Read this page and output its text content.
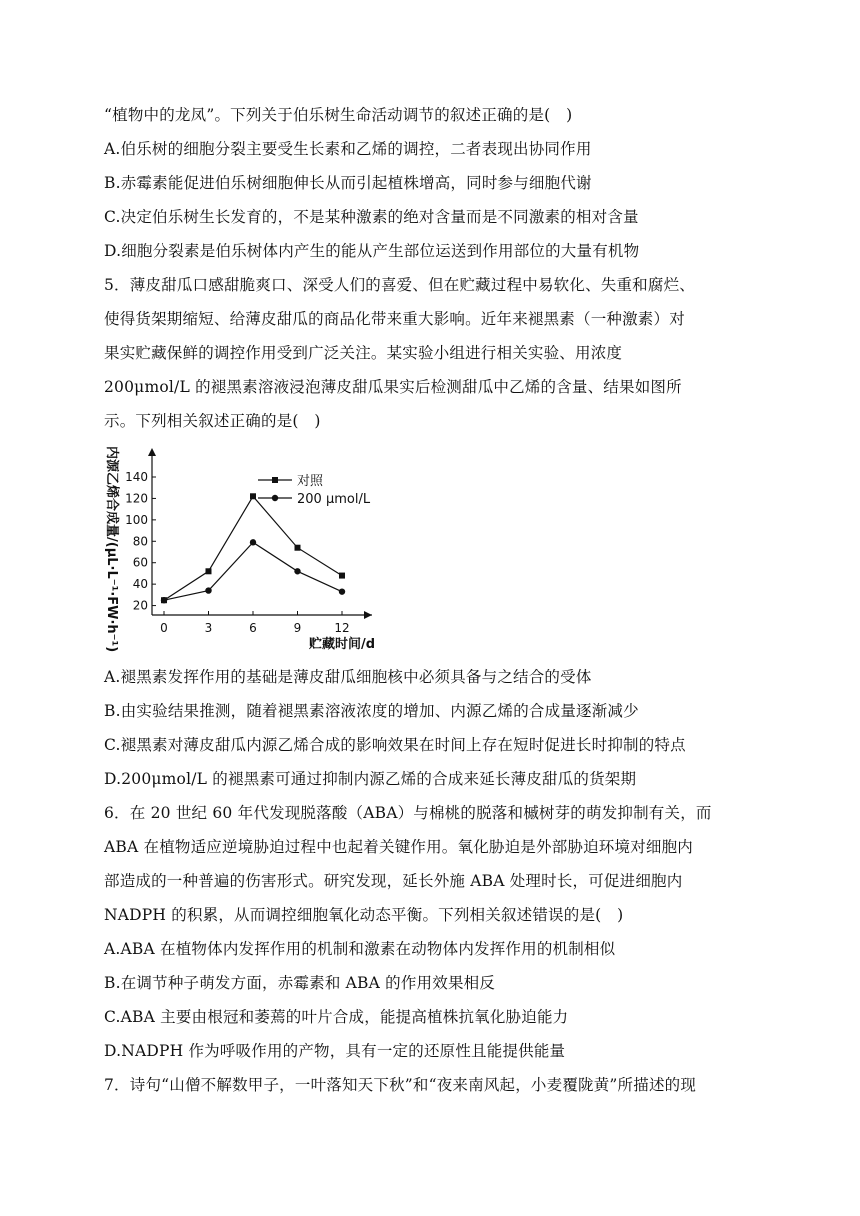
“植物中的龙凤”。下列关于伯乐树生命活动调节的叙述正确的是(　)
A.伯乐树的细胞分裂主要受生长素和乙烯的调控，二者表现出协同作用
B.赤霉素能促进伯乐树细胞伸长从而引起植株增高，同时参与细胞代谢
C.决定伯乐树生长发育的，不是某种激素的绝对含量而是不同激素的相对含量
D.细胞分裂素是伯乐树体内产生的能从产生部位运送到作用部位的大量有机物
5．薄皮甜瓜口感甜脆爽口、深受人们的喜爱、但在贮藏过程中易软化、失重和腐烂、
使得货架期缩短、给薄皮甜瓜的商品化带来重大影响。近年来褪黑素（一种激素）对
果实贮藏保鲜的调控作用受到广泛关注。某实验小组进行相关实验、用浓度
200μmol/L 的褪黑素溶液浸泡薄皮甜瓜果实后检测甜瓜中乙烯的含量、结果如图所
示。下列相关叙述正确的是(　)
内源乙烯合成量/(μL·L⁻¹·FW·h⁻¹) 20
40
60
80
100
120
140
0	3	6	9	12
对照
200 μmol/L
贮藏时间/d
A.褪黑素发挥作用的基础是薄皮甜瓜细胞核中必须具备与之结合的受体
B.由实验结果推测，随着褪黑素溶液浓度的增加、内源乙烯的合成量逐渐减少
C.褪黑素对薄皮甜瓜内源乙烯合成的影响效果在时间上存在短时促进长时抑制的特点
D.200μmol/L 的褪黑素可通过抑制内源乙烯的合成来延长薄皮甜瓜的货架期
6．在 20 世纪 60 年代发现脱落酸（ABA）与棉桃的脱落和槭树芽的萌发抑制有关，而
ABA 在植物适应逆境胁迫过程中也起着关键作用。氧化胁迫是外部胁迫环境对细胞内
部造成的一种普遍的伤害形式。研究发现，延长外施 ABA 处理时长，可促进细胞内
NADPH 的积累，从而调控细胞氧化动态平衡。下列相关叙述错误的是(　)
A.ABA 在植物体内发挥作用的机制和激素在动物体内发挥作用的机制相似
B.在调节种子萌发方面，赤霉素和 ABA 的作用效果相反
C.ABA 主要由根冠和萎蔫的叶片合成，能提高植株抗氧化胁迫能力
D.NADPH 作为呼吸作用的产物，具有一定的还原性且能提供能量
7．诗句“山僧不解数甲子，一叶落知天下秋”和“夜来南风起，小麦覆陇黄”所描述的现
